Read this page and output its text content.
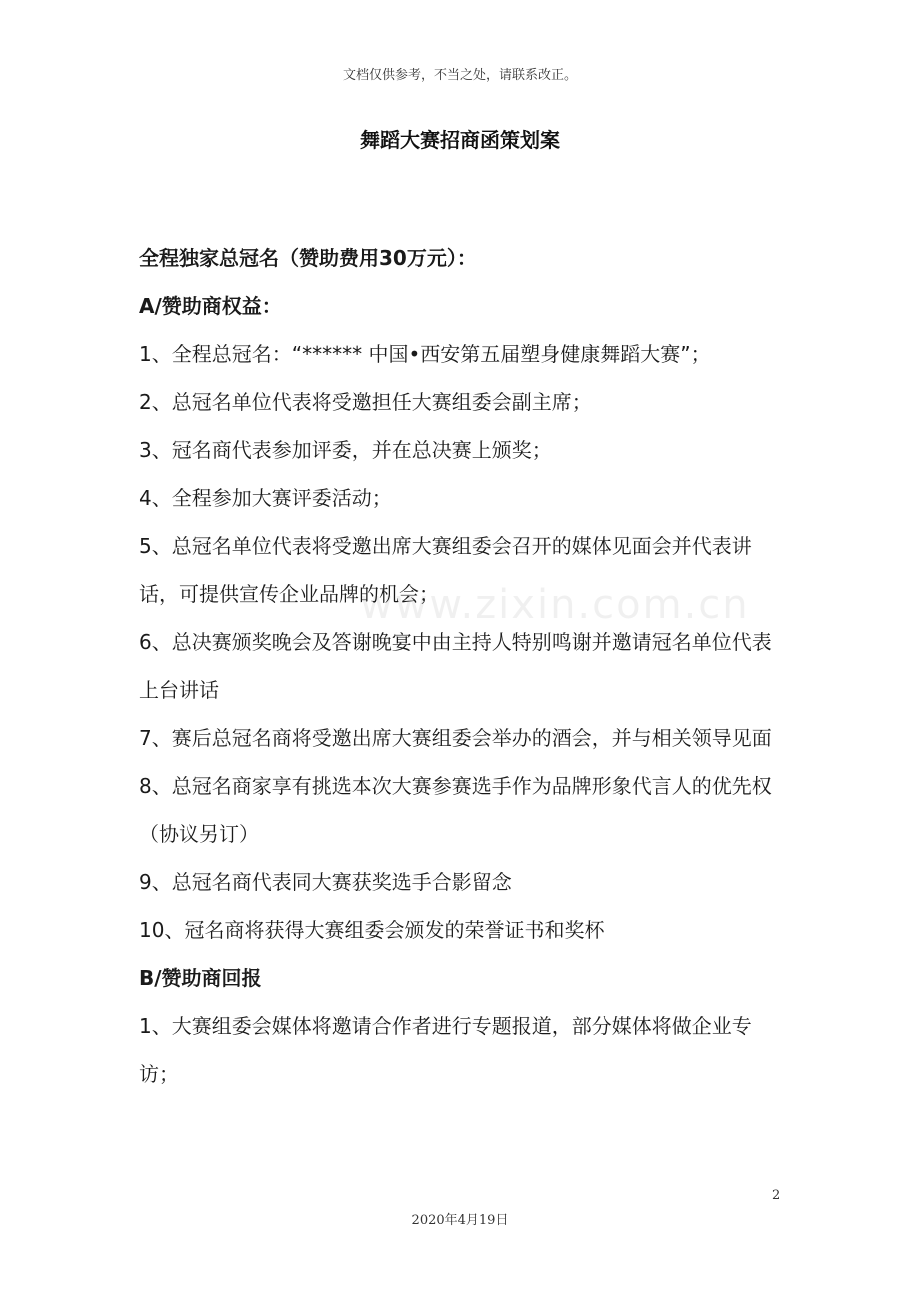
文档仅供参考，不当之处，请联系改正。
舞蹈大赛招商函策划案
www.zixin.com.cn

全程独家总冠名（赞助费用30万元）：

A/赞助商权益：

1、全程总冠名：“****** 中国•西安第五届塑身健康舞蹈大赛”；

2、总冠名单位代表将受邀担任大赛组委会副主席；

3、冠名商代表参加评委，并在总决赛上颁奖；

4、全程参加大赛评委活动；

5、总冠名单位代表将受邀出席大赛组委会召开的媒体见面会并代表讲话，可提供宣传企业品牌的机会；

6、总决赛颁奖晚会及答谢晚宴中由主持人特别鸣谢并邀请冠名单位代表上台讲话

7、赛后总冠名商将受邀出席大赛组委会举办的酒会，并与相关领导见面

8、总冠名商家享有挑选本次大赛参赛选手作为品牌形象代言人的优先权（协议另订）

9、总冠名商代表同大赛获奖选手合影留念

10、冠名商将获得大赛组委会颁发的荣誉证书和奖杯

B/赞助商回报

1、大赛组委会媒体将邀请合作者进行专题报道，部分媒体将做企业专访；

2
2020年4月19日
